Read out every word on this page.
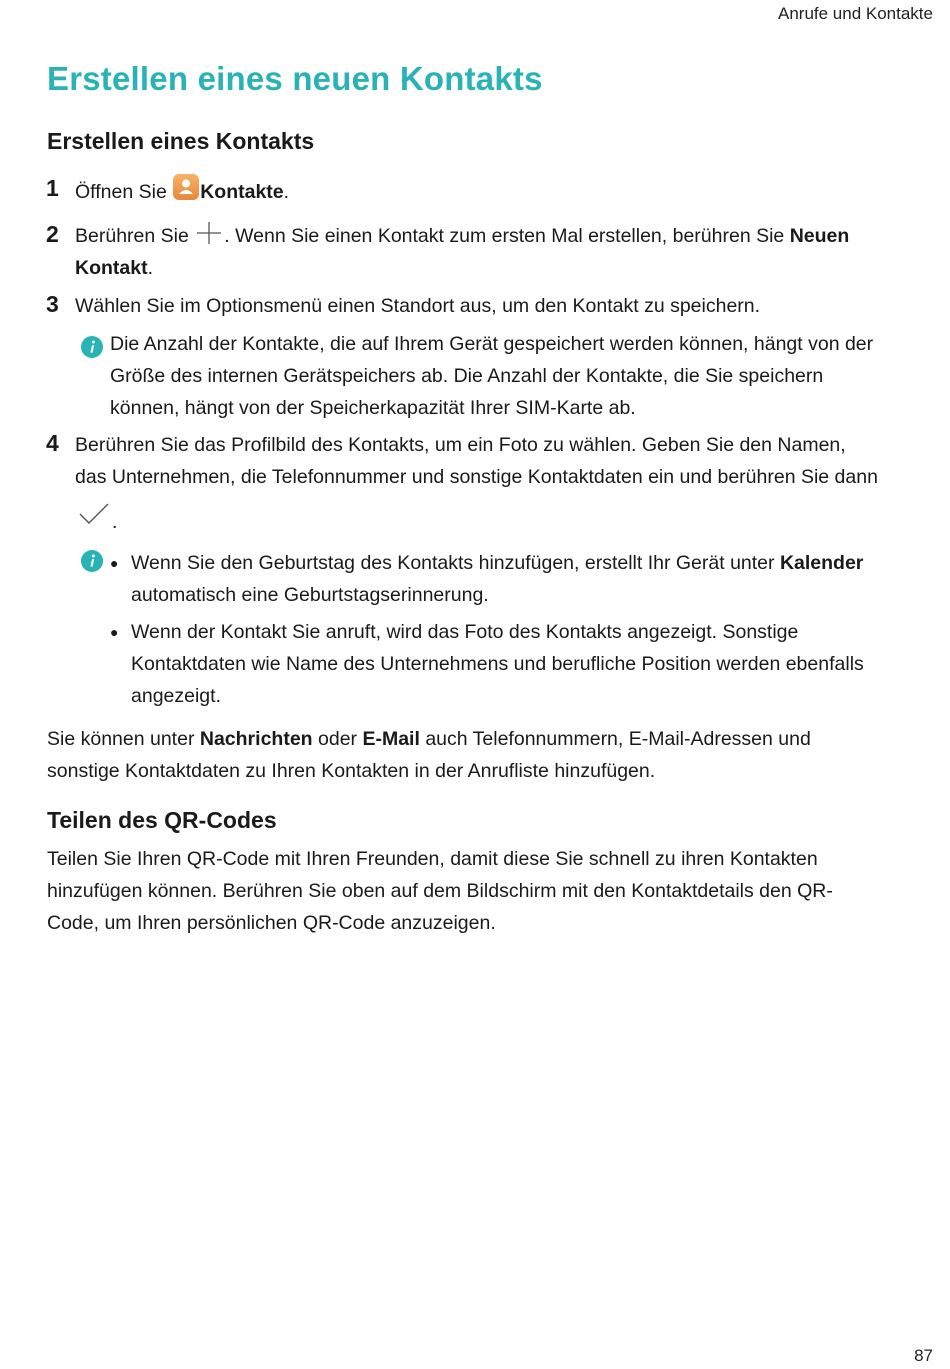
Anrufe und Kontakte
Erstellen eines neuen Kontakts
Erstellen eines Kontakts
1 Öffnen Sie Kontakte.
2 Berühren Sie . Wenn Sie einen Kontakt zum ersten Mal erstellen, berühren Sie Neuen
Kontakt.
3 Wählen Sie im Optionsmenü einen Standort aus, um den Kontakt zu speichern.
Die Anzahl der Kontakte, die auf Ihrem Gerät gespeichert werden können, hängt von der
Größe des internen Gerätspeichers ab. Die Anzahl der Kontakte, die Sie speichern
können, hängt von der Speicherkapazität Ihrer SIM-Karte ab.
4 Berühren Sie das Profilbild des Kontakts, um ein Foto zu wählen. Geben Sie den Namen,
das Unternehmen, die Telefonnummer und sonstige Kontaktdaten ein und berühren Sie dann
.
● Wenn Sie den Geburtstag des Kontakts hinzufügen, erstellt Ihr Gerät unter Kalender
automatisch eine Geburtstagserinnerung.
● Wenn der Kontakt Sie anruft, wird das Foto des Kontakts angezeigt. Sonstige
Kontaktdaten wie Name des Unternehmens und berufliche Position werden ebenfalls
angezeigt.
Sie können unter Nachrichten oder E-Mail auch Telefonnummern, E-Mail-Adressen und
sonstige Kontaktdaten zu Ihren Kontakten in der Anrufliste hinzufügen.
Teilen des QR-Codes
Teilen Sie Ihren QR-Code mit Ihren Freunden, damit diese Sie schnell zu ihren Kontakten
hinzufügen können. Berühren Sie oben auf dem Bildschirm mit den Kontaktdetails den QR-
Code, um Ihren persönlichen QR-Code anzuzeigen.
87
